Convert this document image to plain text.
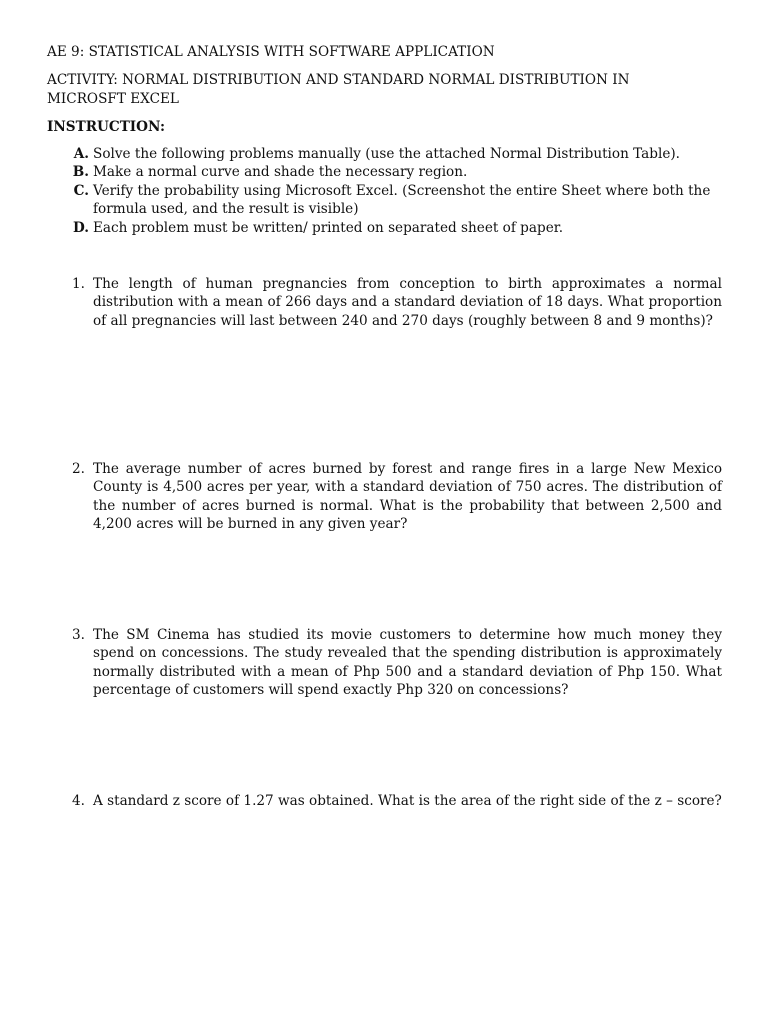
AE 9: STATISTICAL ANALYSIS WITH SOFTWARE APPLICATION
ACTIVITY: NORMAL DISTRIBUTION AND STANDARD NORMAL DISTRIBUTION IN
MICROSFT EXCEL
INSTRUCTION:
A. Solve the following problems manually (use the attached Normal Distribution Table).
B. Make a normal curve and shade the necessary region.
C. Verify the probability using Microsoft Excel. (Screenshot the entire Sheet where both the formula used, and the result is visible)
D. Each problem must be written/ printed on separated sheet of paper.
1. The length of human pregnancies from conception to birth approximates a normal distribution with a mean of 266 days and a standard deviation of 18 days. What proportion of all pregnancies will last between 240 and 270 days (roughly between 8 and 9 months)?
2. The average number of acres burned by forest and range fires in a large New Mexico County is 4,500 acres per year, with a standard deviation of 750 acres. The distribution of the number of acres burned is normal. What is the probability that between 2,500 and 4,200 acres will be burned in any given year?
3. The SM Cinema has studied its movie customers to determine how much money they spend on concessions. The study revealed that the spending distribution is approximately normally distributed with a mean of Php 500 and a standard deviation of Php 150. What percentage of customers will spend exactly Php 320 on concessions?
4. A standard z score of 1.27 was obtained. What is the area of the right side of the z – score?
